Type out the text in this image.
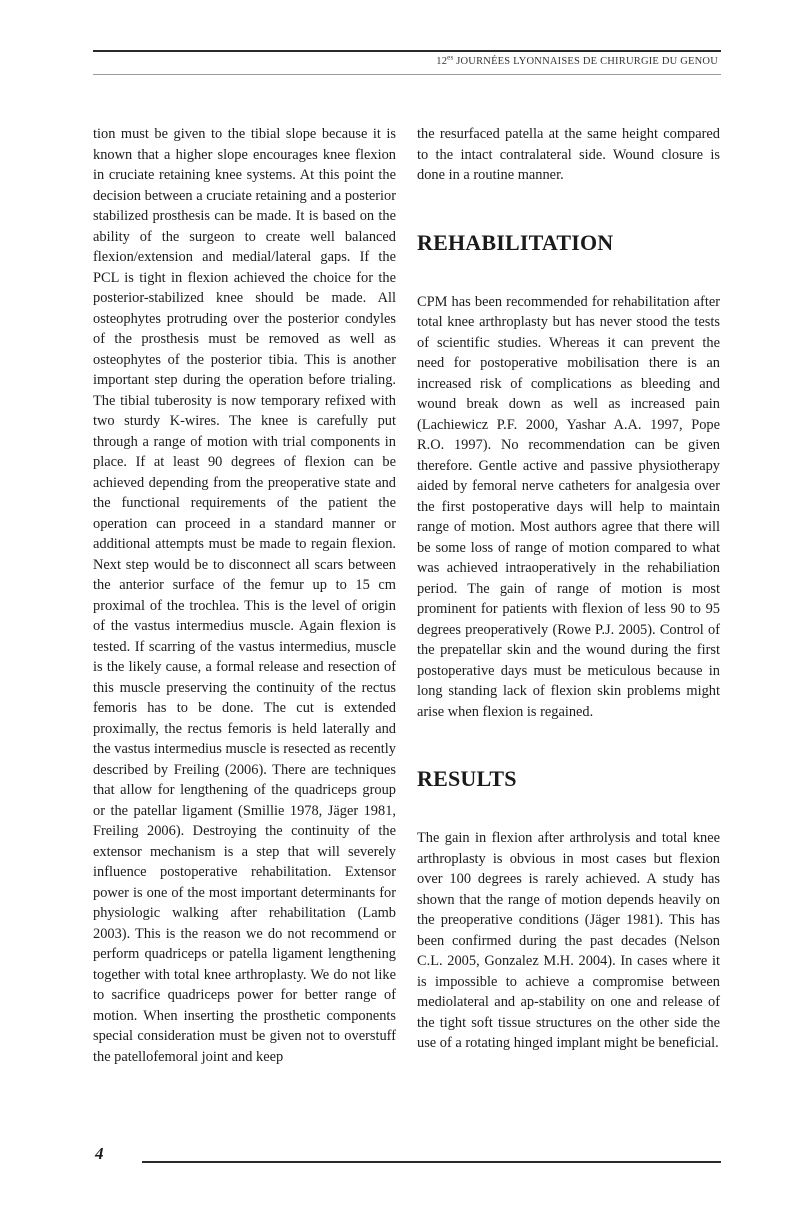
$12^{es}$ JOURNÉES LYONNAISES DE CHIRURGIE DU GENOU

tion must be given to the tibial slope because it is known that a higher slope encourages knee flexion in cruciate retaining knee systems. At this point the decision between a cruciate retaining and a posterior stabilized prosthesis can be made. It is based on the ability of the surgeon to create well balanced flexion/extension and medial/lateral gaps. If the PCL is tight in flexion achieved the choice for the posterior-stabilized knee should be made. All osteophytes protruding over the posterior condyles of the prosthesis must be removed as well as osteophytes of the posterior tibia. This is another important step during the operation before trialing. The tibial tuberosity is now temporary refixed with two sturdy K-wires. The knee is carefully put through a range of motion with trial components in place. If at least 90 degrees of flexion can be achieved depending from the preoperative state and the functional requirements of the patient the operation can proceed in a standard manner or additional attempts must be made to regain flexion. Next step would be to disconnect all scars between the anterior surface of the femur up to 15 cm proximal of the trochlea. This is the level of origin of the vastus intermedius muscle. Again flexion is tested. If scarring of the vastus intermedius, muscle is the likely cause, a formal release and resection of this muscle preserving the continuity of the rectus femoris has to be done. The cut is extended proximally, the rectus femoris is held laterally and the vastus intermedius muscle is resected as recently described by Freiling (2006). There are techniques that allow for lengthening of the quadriceps group or the patellar ligament (Smillie 1978, Jäger 1981, Freiling 2006). Destroying the continuity of the extensor mechanism is a step that will severely influence postoperative rehabilitation. Extensor power is one of the most important determinants for physiologic walking after rehabilitation (Lamb 2003). This is the reason we do not recommend or perform quadriceps or patella ligament lengthening together with total knee arthroplasty. We do not like to sacrifice quadriceps power for better range of motion. When inserting the prosthetic components special consideration must be given not to overstuff the patellofemoral joint and keep

the resurfaced patella at the same height compared to the intact contralateral side. Wound closure is done in a routine manner.

REHABILITATION

CPM has been recommended for rehabilitation after total knee arthroplasty but has never stood the tests of scientific studies. Whereas it can prevent the need for postoperative mobilisation there is an increased risk of complications as bleeding and wound break down as well as increased pain (Lachiewicz P.F. 2000, Yashar A.A. 1997, Pope R.O. 1997). No recommendation can be given therefore. Gentle active and passive physiotherapy aided by femoral nerve catheters for analgesia over the first postoperative days will help to maintain range of motion. Most authors agree that there will be some loss of range of motion compared to what was achieved intraoperatively in the rehabiliation period. The gain of range of motion is most prominent for patients with flexion of less 90 to 95 degrees preoperatively (Rowe P.J. 2005). Control of the prepatellar skin and the wound during the first postoperative days must be meticulous because in long standing lack of flexion skin problems might arise when flexion is regained.

RESULTS

The gain in flexion after arthrolysis and total knee arthroplasty is obvious in most cases but flexion over 100 degrees is rarely achieved. A study has shown that the range of motion depends heavily on the preoperative conditions (Jäger 1981). This has been confirmed during the past decades (Nelson C.L. 2005, Gonzalez M.H. 2004). In cases where it is impossible to achieve a compromise between mediolateral and ap-stability on one and release of the tight soft tissue structures on the other side the use of a rotating hinged implant might be beneficial.

4
